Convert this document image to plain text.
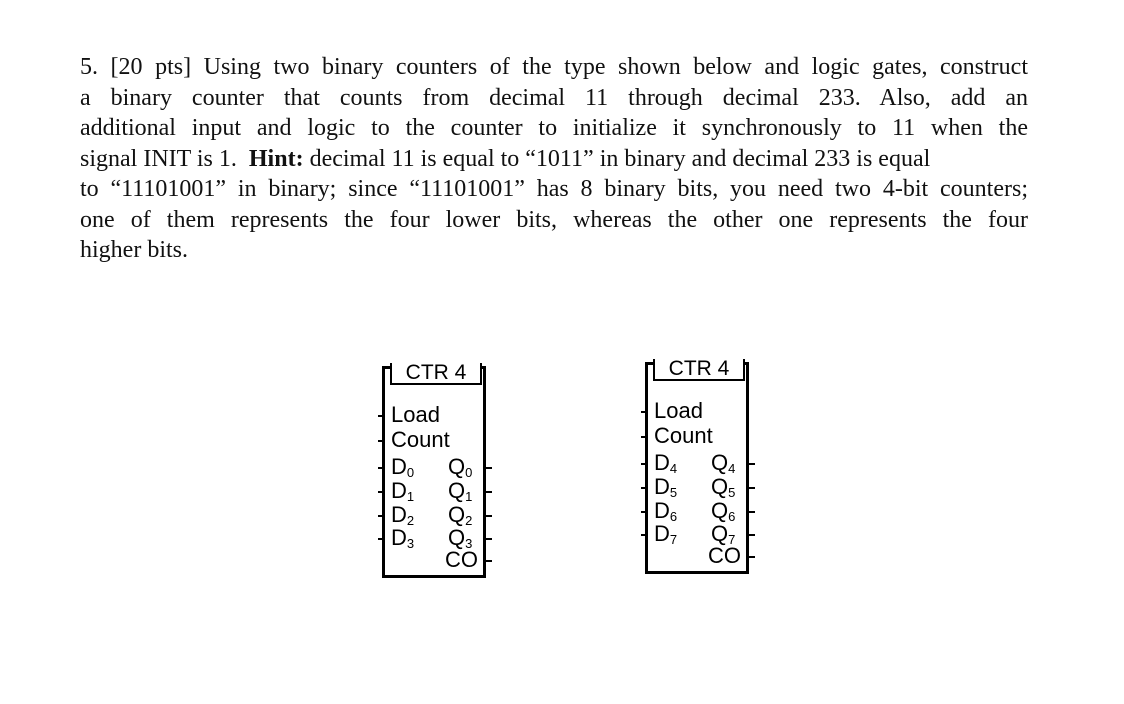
5. [20 pts] Using two binary counters of the type shown below and logic gates, construct
a binary counter that counts from decimal 11 through decimal 233. Also, add an
additional input and logic to the counter to initialize it synchronously to 11 when the
signal INIT is 1. Hint: decimal 11 is equal to “1011” in binary and decimal 233 is equal
to “11101001” in binary; since “11101001” has 8 binary bits, you need two 4-bit counters;
one of them represents the four lower bits, whereas the other one represents the four
higher bits.
CTR 4
Load
Count
$D_0$
$D_1$
$D_2$
$D_3$
$Q_0$
$Q_1$
$Q_2$
$Q_3$
CO
CTR 4
Load
Count
$D_4$
$D_5$
$D_6$
$D_7$
$Q_4$
$Q_5$
$Q_6$
$Q_7$
CO
